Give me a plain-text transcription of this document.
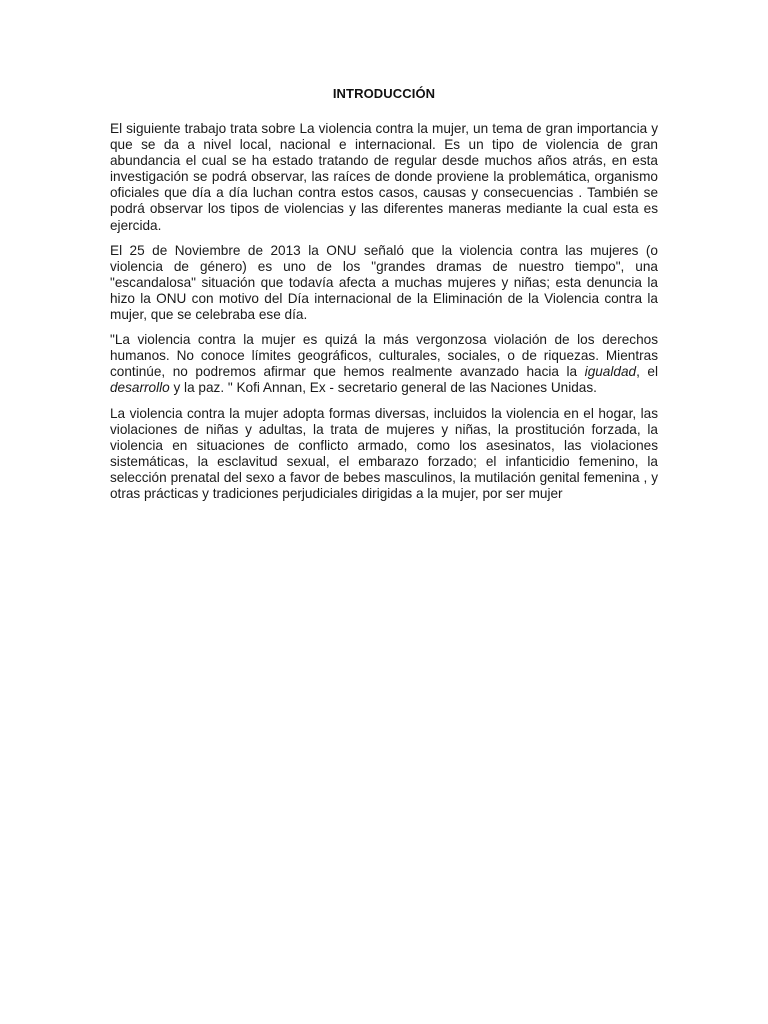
INTRODUCCIÓN

El siguiente trabajo trata sobre La violencia contra la mujer, un tema de gran importancia y que se da a nivel local, nacional e internacional. Es un tipo de violencia de gran abundancia el cual se ha estado tratando de regular desde muchos años atrás, en esta investigación se podrá observar, las raíces de donde proviene la problemática, organismo oficiales que día a día luchan contra estos casos, causas y consecuencias . También se podrá observar los tipos de violencias y las diferentes maneras mediante la cual esta es ejercida.

El 25 de Noviembre de 2013 la ONU señaló que la violencia contra las mujeres (o violencia de género) es uno de los "grandes dramas de nuestro tiempo", una "escandalosa" situación que todavía afecta a muchas mujeres y niñas; esta denuncia la hizo la ONU con motivo del Día internacional de la Eliminación de la Violencia contra la mujer, que se celebraba ese día.

"La violencia contra la mujer es quizá la más vergonzosa violación de los derechos humanos. No conoce límites geográficos, culturales, sociales, o de riquezas. Mientras continúe, no podremos afirmar que hemos realmente avanzado hacia la igualdad, el desarrollo y la paz. " Kofi Annan, Ex - secretario general de las Naciones Unidas.

La violencia contra la mujer adopta formas diversas, incluidos la violencia en el hogar, las violaciones de niñas y adultas, la trata de mujeres y niñas, la prostitución forzada, la violencia en situaciones de conflicto armado, como los asesinatos, las violaciones sistemáticas, la esclavitud sexual, el embarazo forzado; el infanticidio femenino, la selección prenatal del sexo a favor de bebes masculinos, la mutilación genital femenina , y otras prácticas y tradiciones perjudiciales dirigidas a la mujer, por ser mujer
